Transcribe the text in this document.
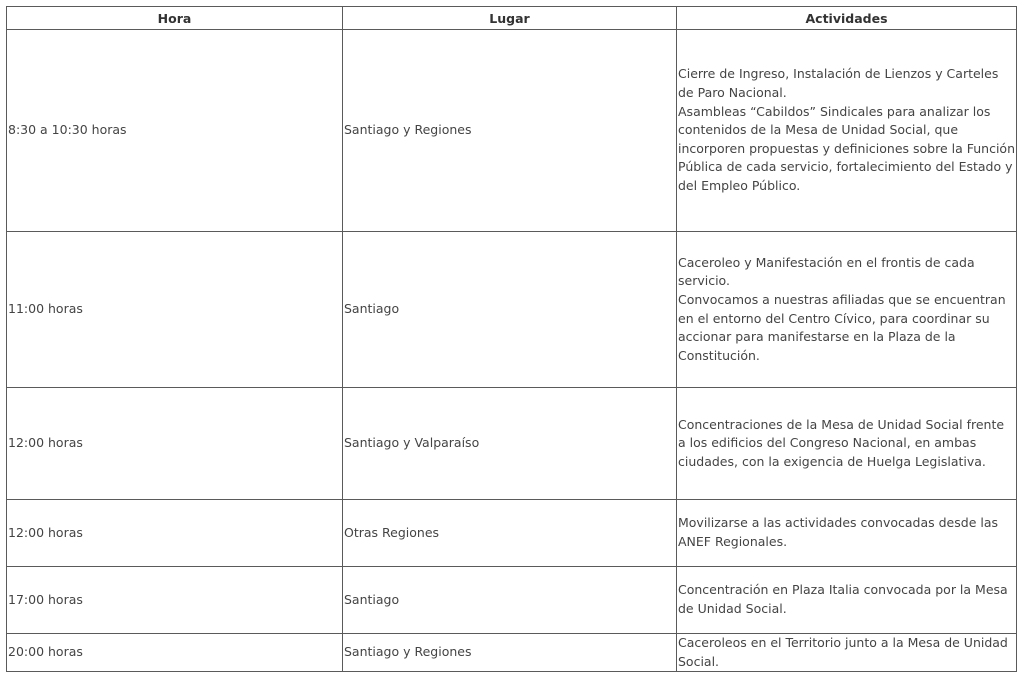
Hora	Lugar	Actividades
8:30 a 10:30 horas	Santiago y Regiones	Cierre de Ingreso, Instalación de Lienzos y Carteles de Paro Nacional.
Asambleas “Cabildos” Sindicales para analizar los contenidos de la Mesa de Unidad Social, que incorporen propuestas y definiciones sobre la Función Pública de cada servicio, fortalecimiento del Estado y del Empleo Público.

11:00 horas	Santiago	Caceroleo y Manifestación en el frontis de cada servicio.
Convocamos a nuestras afiliadas que se encuentran en el entorno del Centro Cívico, para coordinar su accionar para manifestarse en la Plaza de la Constitución.

12:00 horas	Santiago y Valparaíso	Concentraciones de la Mesa de Unidad Social frente a los edificios del Congreso Nacional, en ambas ciudades, con la exigencia de Huelga Legislativa.

12:00 horas	Otras Regiones	Movilizarse a las actividades convocadas desde las ANEF Regionales.

17:00 horas	Santiago	Concentración en Plaza Italia convocada por la Mesa de Unidad Social.

20:00 horas	Santiago y Regiones	Caceroleos en el Territorio junto a la Mesa de Unidad Social.
